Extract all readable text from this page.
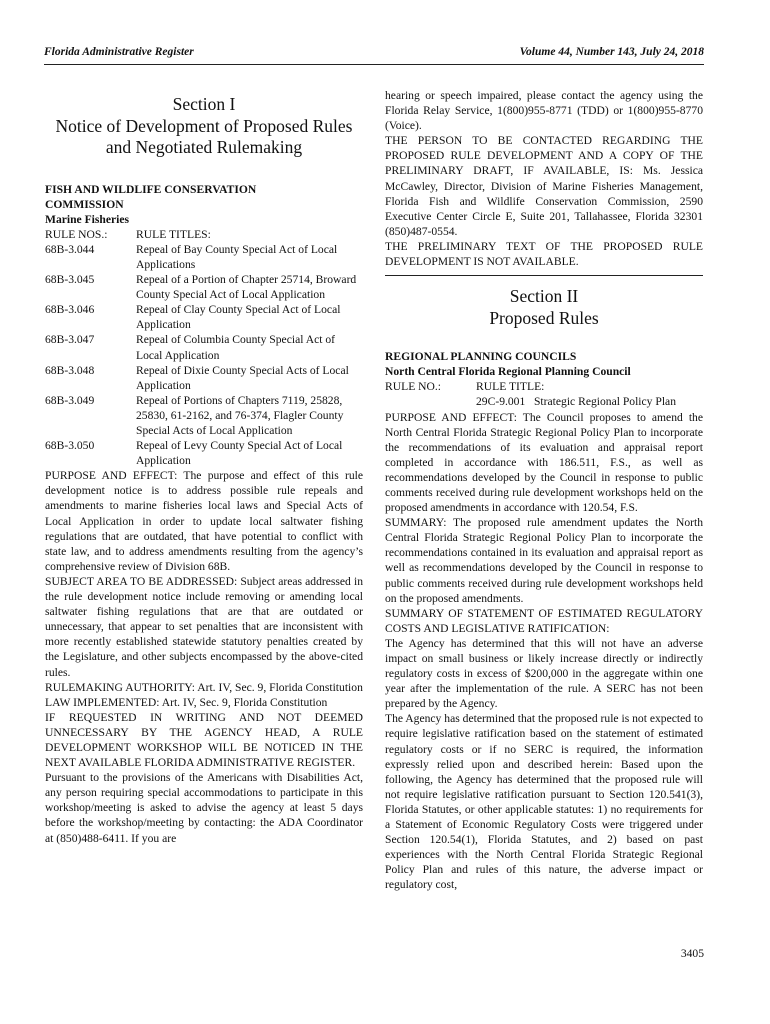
Florida Administrative Register	Volume 44, Number 143, July 24, 2018
Section I
Notice of Development of Proposed Rules
and Negotiated Rulemaking
FISH AND WILDLIFE CONSERVATION
COMMISSION
Marine Fisheries
RULE NOS.:	RULE TITLES:
68B-3.044	Repeal of Bay County Special Act of Local Applications
68B-3.045	Repeal of a Portion of Chapter 25714, Broward County Special Act of Local Application
68B-3.046	Repeal of Clay County Special Act of Local Application
68B-3.047	Repeal of Columbia County Special Act of Local Application
68B-3.048	Repeal of Dixie County Special Acts of Local Application
68B-3.049	Repeal of Portions of Chapters 7119, 25828, 25830, 61-2162, and 76-374, Flagler County Special Acts of Local Application
68B-3.050	Repeal of Levy County Special Act of Local Application

PURPOSE AND EFFECT: The purpose and effect of this rule development notice is to address possible rule repeals and amendments to marine fisheries local laws and Special Acts of Local Application in order to update local saltwater fishing regulations that are outdated, that have potential to conflict with state law, and to address amendments resulting from the agency’s comprehensive review of Division 68B.

SUBJECT AREA TO BE ADDRESSED: Subject areas addressed in the rule development notice include removing or amending local saltwater fishing regulations that are that are outdated or unnecessary, that appear to set penalties that are inconsistent with more recently established statewide statutory penalties created by the Legislature, and other subjects encompassed by the above-cited rules.

RULEMAKING AUTHORITY: Art. IV, Sec. 9, Florida Constitution

LAW IMPLEMENTED: Art. IV, Sec. 9, Florida Constitution

IF REQUESTED IN WRITING AND NOT DEEMED UNNECESSARY BY THE AGENCY HEAD, A RULE DEVELOPMENT WORKSHOP WILL BE NOTICED IN THE NEXT AVAILABLE FLORIDA ADMINISTRATIVE REGISTER.

Pursuant to the provisions of the Americans with Disabilities Act, any person requiring special accommodations to participate in this workshop/meeting is asked to advise the agency at least 5 days before the workshop/meeting by contacting: the ADA Coordinator at (850)488-6411. If you are

hearing or speech impaired, please contact the agency using the Florida Relay Service, 1(800)955-8771 (TDD) or 1(800)955-8770 (Voice).

THE PERSON TO BE CONTACTED REGARDING THE PROPOSED RULE DEVELOPMENT AND A COPY OF THE PRELIMINARY DRAFT, IF AVAILABLE, IS: Ms. Jessica McCawley, Director, Division of Marine Fisheries Management, Florida Fish and Wildlife Conservation Commission, 2590 Executive Center Circle E, Suite 201, Tallahassee, Florida 32301 (850)487-0554.

THE PRELIMINARY TEXT OF THE PROPOSED RULE DEVELOPMENT IS NOT AVAILABLE.

Section II
Proposed Rules
REGIONAL PLANNING COUNCILS
North Central Florida Regional Planning Council
RULE NO.:	RULE TITLE:
29C-9.001 Strategic Regional Policy Plan

PURPOSE AND EFFECT: The Council proposes to amend the North Central Florida Strategic Regional Policy Plan to incorporate the recommendations of its evaluation and appraisal report completed in accordance with 186.511, F.S., as well as recommendations developed by the Council in response to public comments received during rule development workshops held on the proposed amendments in accordance with 120.54, F.S.

SUMMARY: The proposed rule amendment updates the North Central Florida Strategic Regional Policy Plan to incorporate the recommendations contained in its evaluation and appraisal report as well as recommendations developed by the Council in response to public comments received during rule development workshops held on the proposed amendments.

SUMMARY OF STATEMENT OF ESTIMATED REGULATORY COSTS AND LEGISLATIVE RATIFICATION:

The Agency has determined that this will not have an adverse impact on small business or likely increase directly or indirectly regulatory costs in excess of $200,000 in the aggregate within one year after the implementation of the rule. A SERC has not been prepared by the Agency.

The Agency has determined that the proposed rule is not expected to require legislative ratification based on the statement of estimated regulatory costs or if no SERC is required, the information expressly relied upon and described herein: Based upon the following, the Agency has determined that the proposed rule will not require legislative ratification pursuant to Section 120.541(3), Florida Statutes, or other applicable statutes: 1) no requirements for a Statement of Economic Regulatory Costs were triggered under Section 120.54(1), Florida Statutes, and 2) based on past experiences with the North Central Florida Strategic Regional Policy Plan and rules of this nature, the adverse impact or regulatory cost,

3405
